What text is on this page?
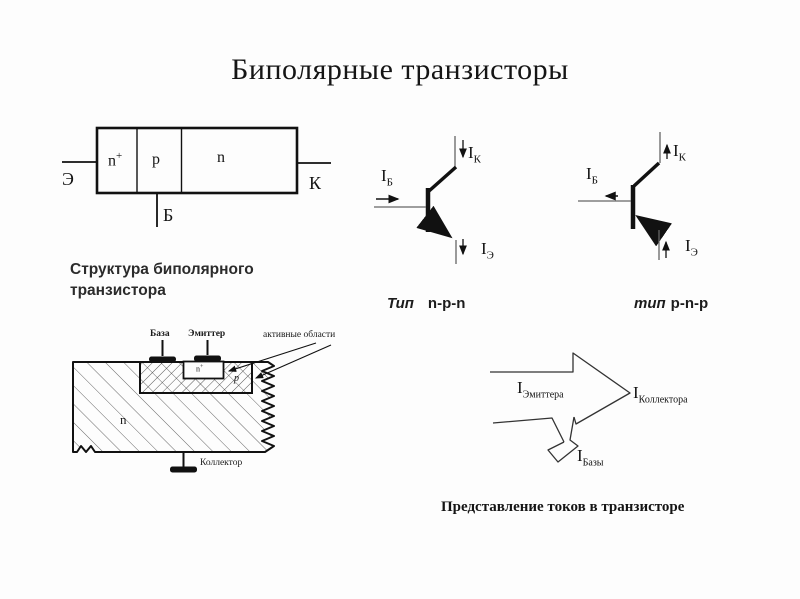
Биполярные транзисторы
n+ p	n
Э	К
Б
Структура биполярного транзистора
База Эмиттер	активные области
n
p
n+
Коллектор
$I_Б$
$I_К$
$I_Э$
Тип n-p-n
$I_Б$
$I_К$
$I_Э$
тип p-n-p
$I_{Эмиттера}$	$I_{Коллектора}$
$I_{Базы}$
Представление токов в транзисторе
